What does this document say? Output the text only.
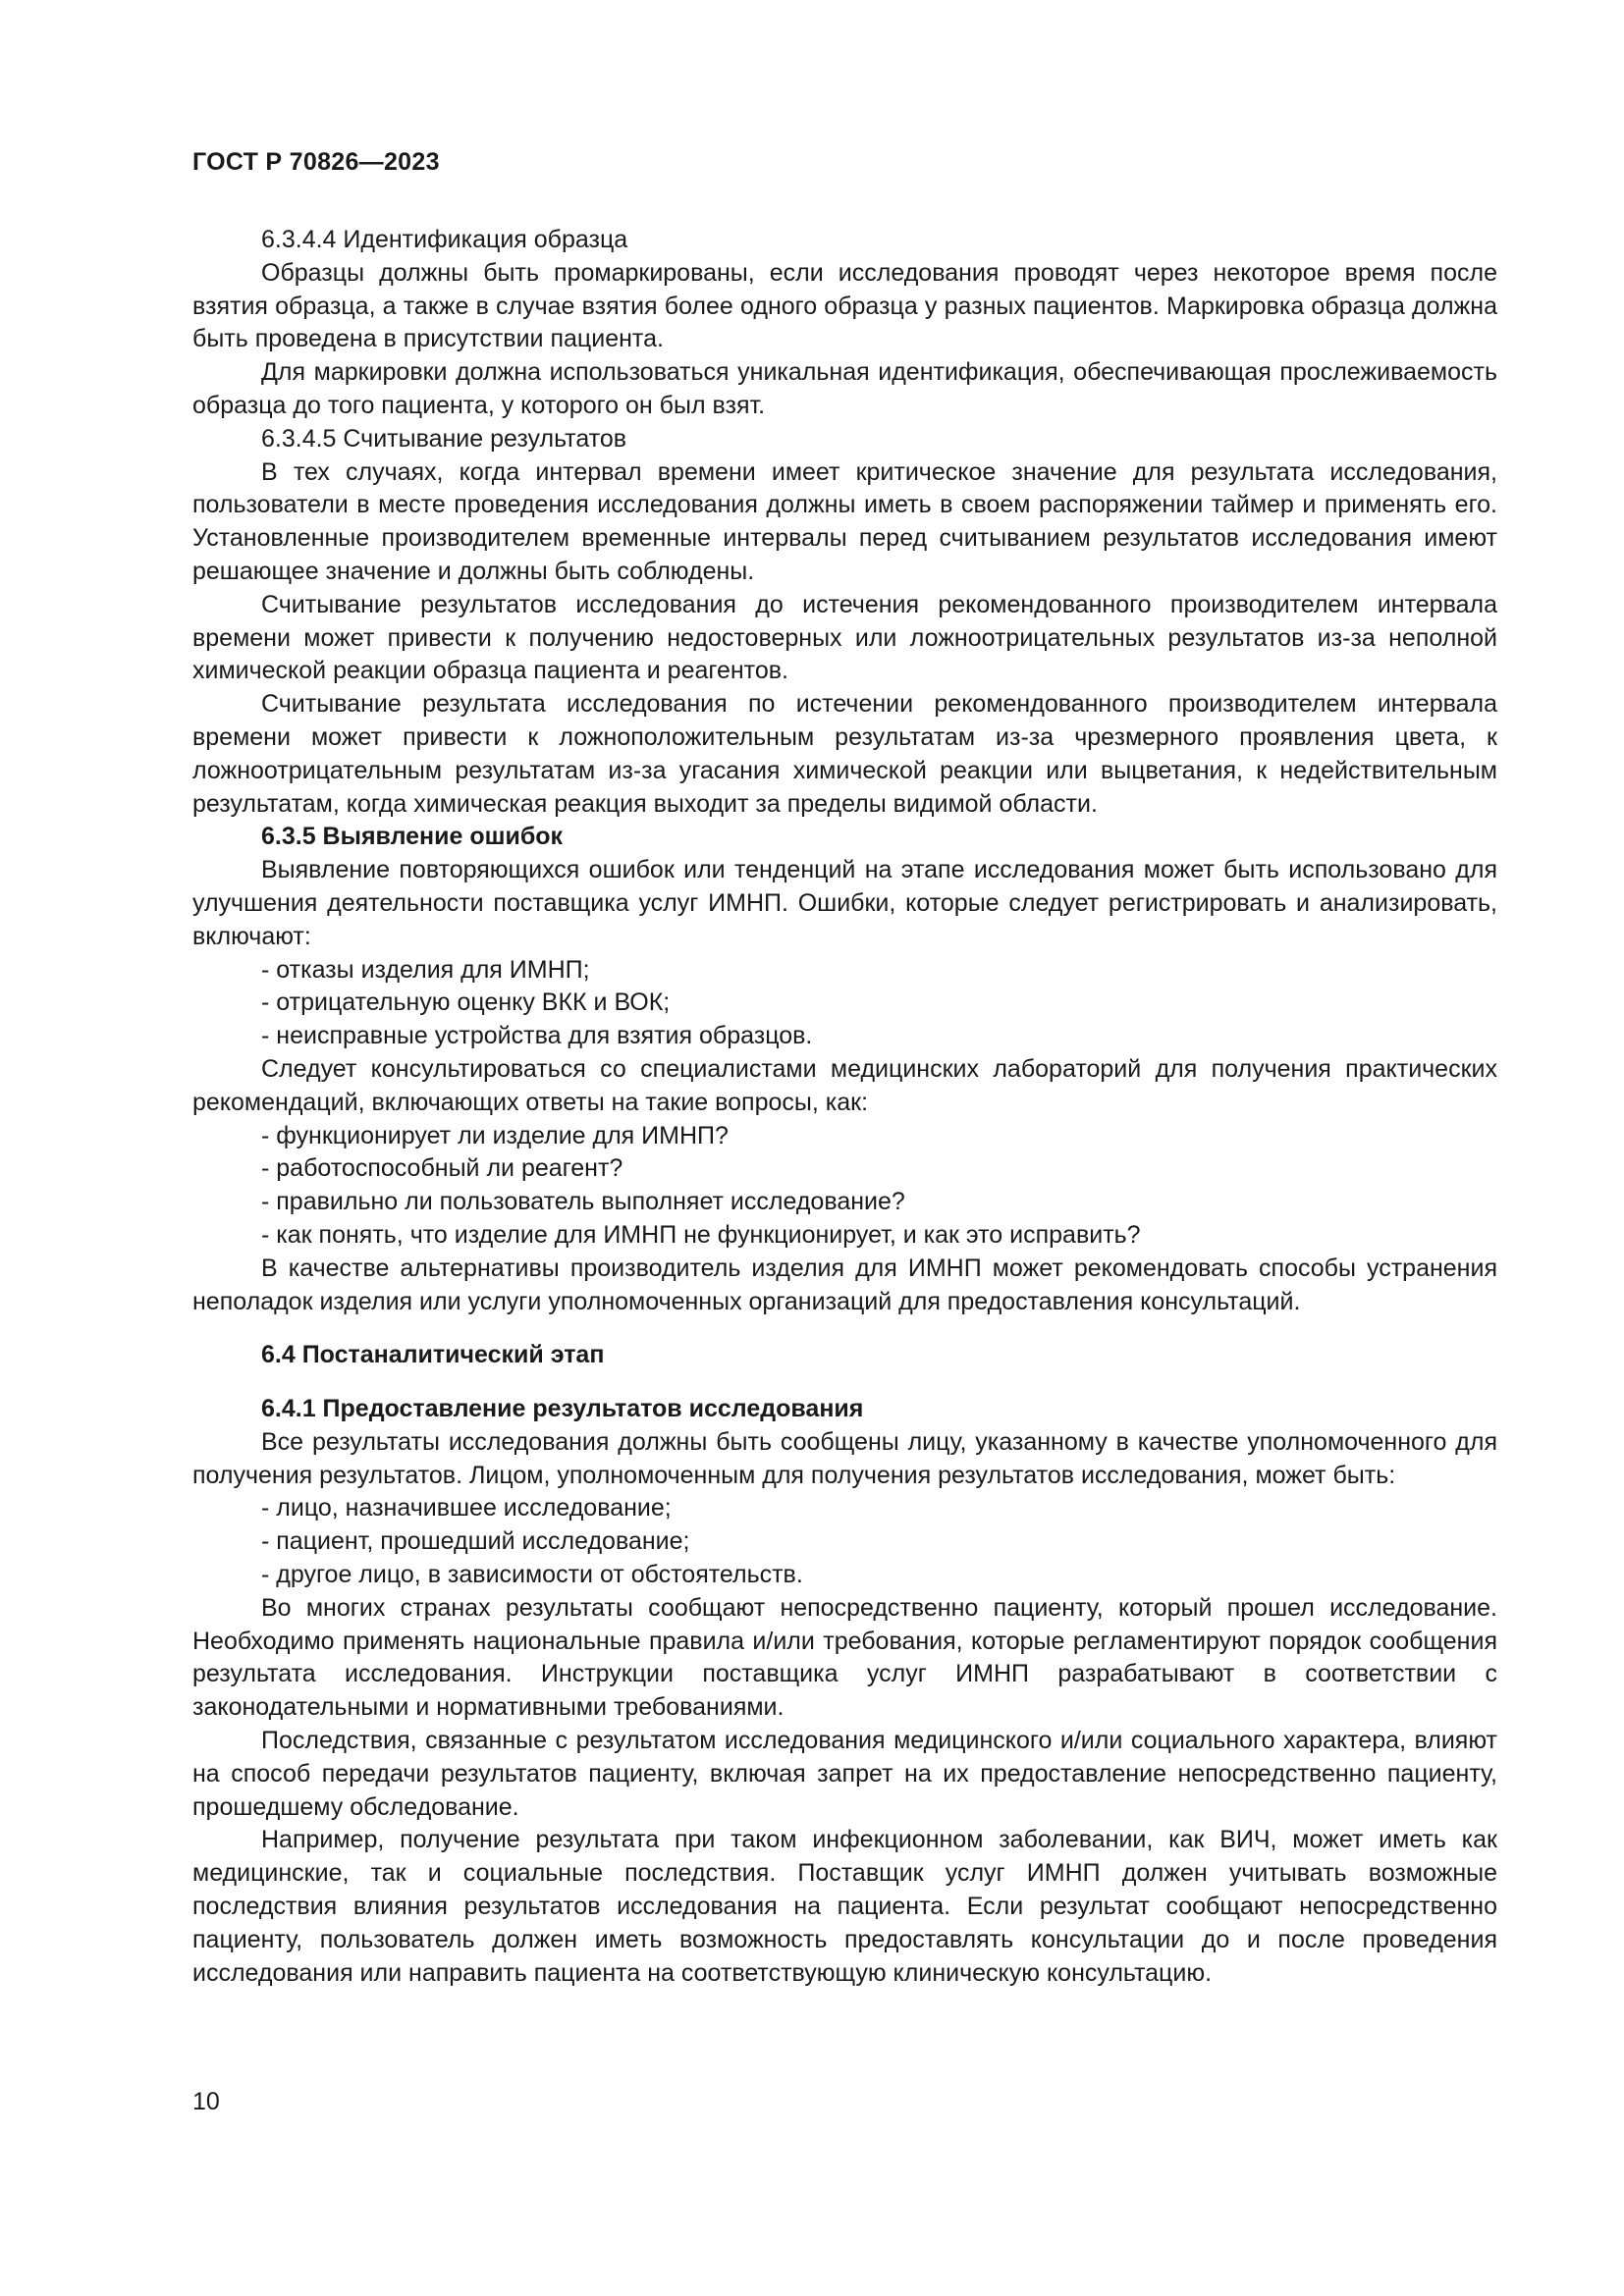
ГОСТ Р 70826—2023

6.3.4.4 Идентификация образца

Образцы должны быть промаркированы, если исследования проводят через некоторое время после взятия образца, а также в случае взятия более одного образца у разных пациентов. Маркировка образца должна быть проведена в присутствии пациента.

Для маркировки должна использоваться уникальная идентификация, обеспечивающая прослеживаемость образца до того пациента, у которого он был взят.

6.3.4.5 Считывание результатов

В тех случаях, когда интервал времени имеет критическое значение для результата исследования, пользователи в месте проведения исследования должны иметь в своем распоряжении таймер и применять его. Установленные производителем временные интервалы перед считыванием результатов исследования имеют решающее значение и должны быть соблюдены.

Считывание результатов исследования до истечения рекомендованного производителем интервала времени может привести к получению недостоверных или ложноотрицательных результатов из-за неполной химической реакции образца пациента и реагентов.

Считывание результата исследования по истечении рекомендованного производителем интервала времени может привести к ложноположительным результатам из-за чрезмерного проявления цвета, к ложноотрицательным результатам из-за угасания химической реакции или выцветания, к недействительным результатам, когда химическая реакция выходит за пределы видимой области.

6.3.5 Выявление ошибок

Выявление повторяющихся ошибок или тенденций на этапе исследования может быть использовано для улучшения деятельности поставщика услуг ИМНП. Ошибки, которые следует регистрировать и анализировать, включают:

- отказы изделия для ИМНП;

- отрицательную оценку ВКК и ВОК;

- неисправные устройства для взятия образцов.

Следует консультироваться со специалистами медицинских лабораторий для получения практических рекомендаций, включающих ответы на такие вопросы, как:

- функционирует ли изделие для ИМНП?

- работоспособный ли реагент?

- правильно ли пользователь выполняет исследование?

- как понять, что изделие для ИМНП не функционирует, и как это исправить?

В качестве альтернативы производитель изделия для ИМНП может рекомендовать способы устранения неполадок изделия или услуги уполномоченных организаций для предоставления консультаций.

6.4 Постаналитический этап

6.4.1 Предоставление результатов исследования

Все результаты исследования должны быть сообщены лицу, указанному в качестве уполномоченного для получения результатов. Лицом, уполномоченным для получения результатов исследования, может быть:

- лицо, назначившее исследование;

- пациент, прошедший исследование;

- другое лицо, в зависимости от обстоятельств.

Во многих странах результаты сообщают непосредственно пациенту, который прошел исследование. Необходимо применять национальные правила и/или требования, которые регламентируют порядок сообщения результата исследования. Инструкции поставщика услуг ИМНП разрабатывают в соответствии с законодательными и нормативными требованиями.

Последствия, связанные с результатом исследования медицинского и/или социального характера, влияют на способ передачи результатов пациенту, включая запрет на их предоставление непосредственно пациенту, прошедшему обследование.

Например, получение результата при таком инфекционном заболевании, как ВИЧ, может иметь как медицинские, так и социальные последствия. Поставщик услуг ИМНП должен учитывать возможные последствия влияния результатов исследования на пациента. Если результат сообщают непосредственно пациенту, пользователь должен иметь возможность предоставлять консультации до и после проведения исследования или направить пациента на соответствующую клиническую консультацию.

10
